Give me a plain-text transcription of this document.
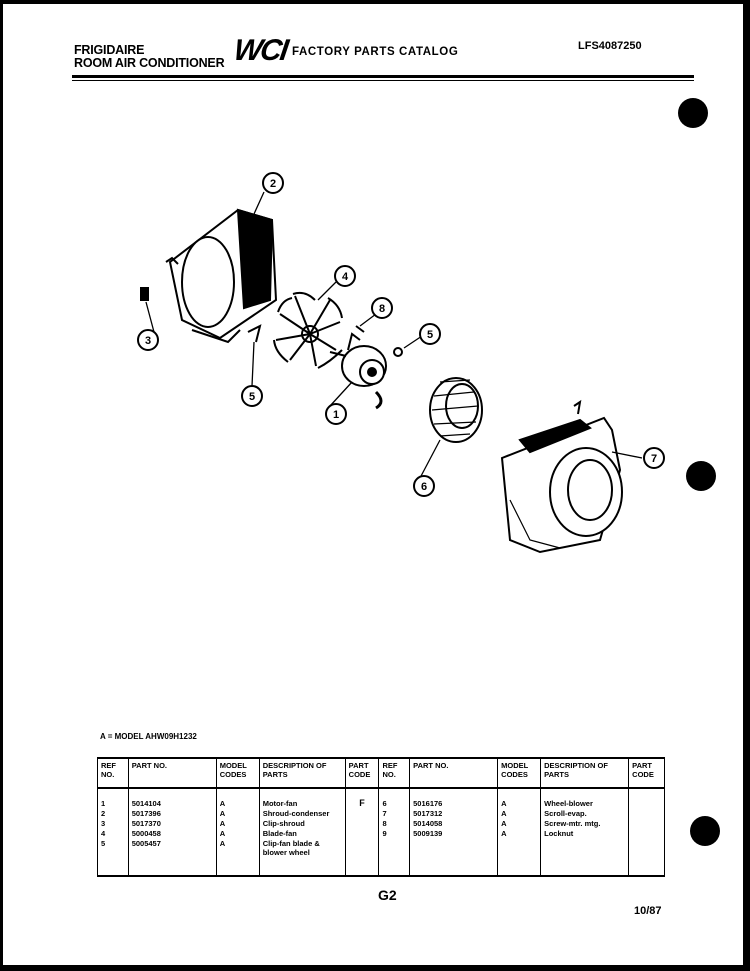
FRIGIDAIRE
ROOM AIR CONDITIONER WCI FACTORY PARTS CATALOG	LFS4087250
2
4
8
5
3
5
1
6
7
A = MODEL AHW09H1232
REF NO.	PART NO.	MODEL CODES	DESCRIPTION OF PARTS	PART CODE	REF NO.	PART NO.	MODEL CODES	DESCRIPTION OF PARTS	PART CODE
1	5014104	A	Motor-fan	F	6	5016176	A	Wheel-blower	
2	5017396	A	Shroud-condenser		7	5017312	A	Scroll-evap.	
3	5017370	A	Clip-shroud		8	5014058	A	Screw-mtr. mtg.	
4	5000458	A	Blade-fan		9	5009139	A	Locknut	
5	5005457	A	Clip-fan blade & blower wheel						
G2
10/87
